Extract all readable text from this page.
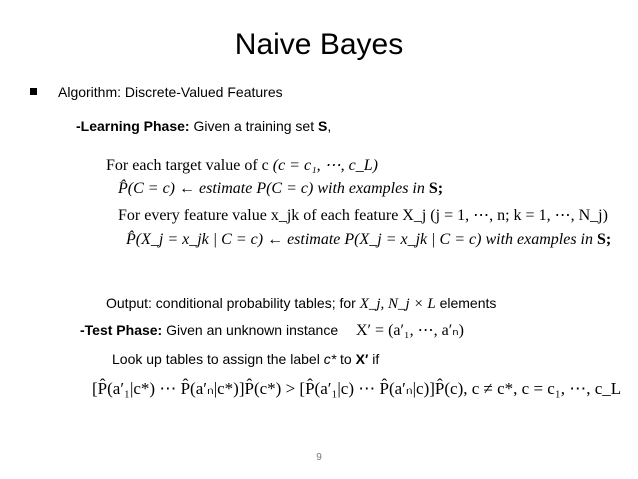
Naive Bayes
Algorithm: Discrete-Valued Features
-Learning Phase: Given a training set S,
For each target value of c (c = c₁, ⋯, c_L)
P̂(C = c) ← estimate P(C = c) with examples in S;
For every feature value x_jk of each feature X_j (j = 1, ⋯, n; k = 1, ⋯, N_j)
P̂(X_j = x_jk | C = c) ← estimate P(X_j = x_jk | C = c) with examples in S;
Output: conditional probability tables; for X_j, N_j × L elements
-Test Phase: Given an unknown instance X′ = (a′₁, ⋯, a′ₙ)
Look up tables to assign the label c* to X′ if
[P̂(a′₁|c*) ⋯ P̂(a′ₙ|c*)]P̂(c*) > [P̂(a′₁|c) ⋯ P̂(a′ₙ|c)]P̂(c), c ≠ c*, c = c₁, ⋯, c_L
9
